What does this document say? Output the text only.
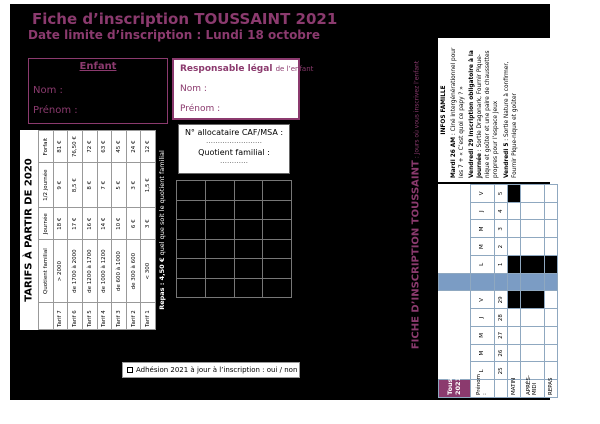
Fiche d’inscription TOUSSAINT 2021
Date limite d’inscription : Lundi 18 octobre
Enfant
Nom :
Prénom :
Responsable légal de l’enfant
Nom :
Prénom :
N° allocataire CAF/MSA :
……………………
Quotient familial :
…………

TARIFS À PARTIR DE 2020
	Quotient familial	Journée	1/2 journée	Forfait
Tarif 7	> 2000	18 €	9 €	81 €
Tarif 6	de 1700 à 2000	17 €	8,5 €	76,50 €
Tarif 5	de 1200 à 1700	16 €	8 €	72 €
Tarif 4	de 1000 à 1200	14 €	7 €	63 €
Tarif 3	de 600 à 1000	10 €	5 €	45 €
Tarif 2	de 300 à 600	6 €	3 €	24 €
Tarif 1	< 300	3 €	1,5 €	12 €
Repas : 4,50 € quel que soit le quotient familial
Adhésion 2021 à jour à l’inscription : oui / non
FICHE D’INSCRIPTION TOUSSAINT : Jours où vous inscrivez l’enfant	INFOS FAMILLE

Mardi 26 AM : Ciné intergénérationnel pour les 7 + « C’est quoi ce papy ? » Vendredi 29 inscription obligatoire à la journée : Sortie Dragonark, Fournir Pique-nique et goûter et une paire de chaussettes propres pour l’espace Jeux Vendredi 5 : Sortie Nature à confirmer, Fournir Pique-nique et goûter

Toussaint 2021											
Prénom :	L	M	M	J	V		L	M	M	J	V
	25	26	27	28	29		1	2	3	4	5
MATIN											
APRÈS-MIDI											
REPAS											
